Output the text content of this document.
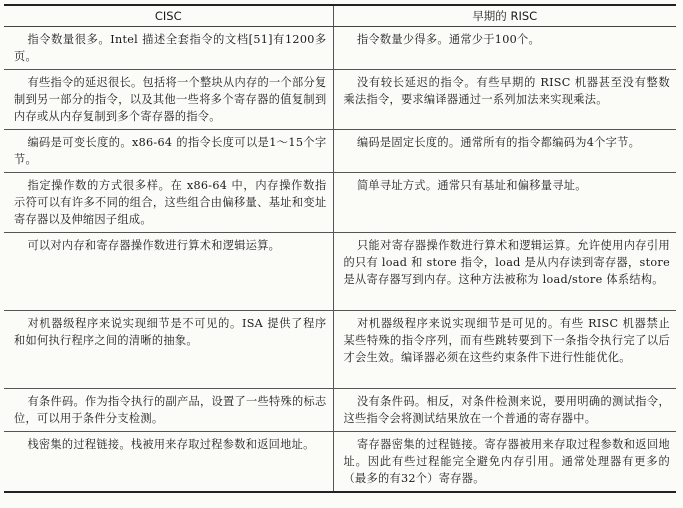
CISC	早期的 RISC

指令数量很多。Intel 描述全套指令的文档[51]有1200多页。	指令数量少得多。通常少于100个。

有些指令的延迟很长。包括将一个整块从内存的一个部分复制到另一部分的指令，以及其他一些将多个寄存器的值复制到内存或从内存复制到多个寄存器的指令。	没有较长延迟的指令。有些早期的 RISC 机器甚至没有整数乘法指令，要求编译器通过一系列加法来实现乘法。

编码是可变长度的。x86-64 的指令长度可以是1～15个字节。	编码是固定长度的。通常所有的指令都编码为4个字节。

指定操作数的方式很多样。在 x86-64 中，内存操作数指示符可以有许多不同的组合，这些组合由偏移量、基址和变址寄存器以及伸缩因子组成。	简单寻址方式。通常只有基址和偏移量寻址。

可以对内存和寄存器操作数进行算术和逻辑运算。	只能对寄存器操作数进行算术和逻辑运算。允许使用内存引用的只有 load 和 store 指令，load 是从内存读到寄存器，store 是从寄存器写到内存。这种方法被称为 load/store 体系结构。

对机器级程序来说实现细节是不可见的。ISA 提供了程序和如何执行程序之间的清晰的抽象。	对机器级程序来说实现细节是可见的。有些 RISC 机器禁止某些特殊的指令序列，而有些跳转要到下一条指令执行完了以后才会生效。编译器必须在这些约束条件下进行性能优化。

有条件码。作为指令执行的副产品，设置了一些特殊的标志位，可以用于条件分支检测。	没有条件码。相反，对条件检测来说，要用明确的测试指令，这些指令会将测试结果放在一个普通的寄存器中。

栈密集的过程链接。栈被用来存取过程参数和返回地址。	寄存器密集的过程链接。寄存器被用来存取过程参数和返回地址。因此有些过程能完全避免内存引用。通常处理器有更多的（最多的有32个）寄存器。
